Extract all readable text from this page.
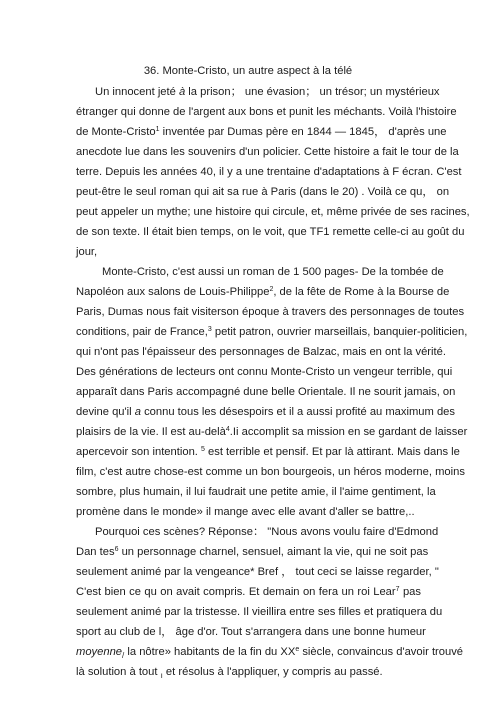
36. Monte-Cristo, un autre aspect à la télé
Un innocent jeté à la prison； une évasion； un trésor; un mystérieux
étranger qui donne de l'argent aux bons et punit les méchants. Voilà l'histoire
de Monte-Cristo$^1$ inventée par Dumas père en 1844 — 1845， d'après une
anecdote lue dans les souvenirs d'un policier. Cette histoire a fait le tour de la
terre. Depuis les années 40, il y a une trentaine d'adaptations à F écran. C'est
peut-être le seul roman qui ait sa rue à Paris (dans le 20) . Voilà ce qu， on
peut appeler un mythe; une histoire qui circule, et, même privée de ses racines,
de son texte. Il était bien temps, on le voit, que TF1 remette celle-ci au goût du
jour,
Monte-Cristo, c'est aussi un roman de 1 500 pages- De la tombée de
Napoléon aux salons de Louis-Philippe$^2$, de la fête de Rome à la Bourse de
Paris, Dumas nous fait visiterson époque à travers des personnages de toutes
conditions, pair de France,$^3$ petit patron, ouvrier marseillais, banquier-politicien,
qui n'ont pas l'épaisseur des personnages de Balzac, mais en ont la vérité.
Des générations de lecteurs ont connu Monte-Cristo un vengeur terrible, qui
apparaît dans Paris accompagné dune belle Orientale. Il ne sourit jamais, on
devine qu'il a connu tous les désespoirs et il a aussi profité au maximum des
plaisirs de la vie. Il est au-delà$^4$.Ii accomplit sa mission en se gardant de laisser
apercevoir son intention. $^5$ est terrible et pensif. Et par là attirant. Mais dans le
film, c'est autre chose-est comme un bon bourgeois, un héros moderne, moins
sombre, plus humain, il lui faudrait une petite amie, il l'aime gentiment, la
promène dans le monde» il mange avec elle avant d'aller se battre,..
Pourquoi ces scènes? Réponse： "Nous avons voulu faire d'Edmond
Dan tes$^6$ un personnage charnel, sensuel, aimant la vie, qui ne soit pas
seulement animé par la vengeance* Bref ， tout ceci se laisse regarder, "
C'est bien ce qu on avait compris. Et demain on fera un roi Lear$^7$ pas
seulement animé par la tristesse. Il vieillira entre ses filles et pratiquera du
sport au club de l， âge d'or. Tout s'arrangera dans une bonne humeur
moyenne$_/$ la nôtre» habitants de la fin du XXe siècle, convaincus d'avoir trouvé
là solution à tout $_ı$ et résolus à l'appliquer, y compris au passé.
